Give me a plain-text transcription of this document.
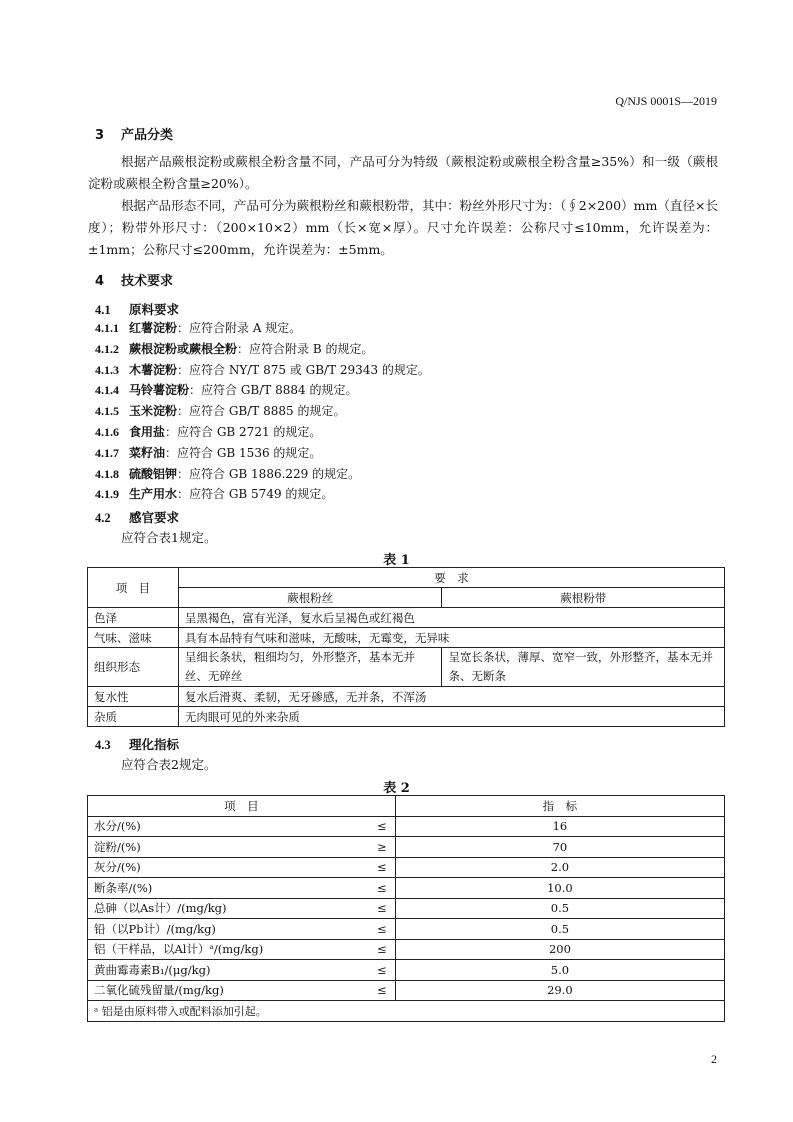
Q/NJS 0001S—2019
3 产品分类
根据产品蕨根淀粉或蕨根全粉含量不同，产品可分为特级（蕨根淀粉或蕨根全粉含量≥35%）和一级（蕨根淀粉或蕨根全粉含量≥20%）。
根据产品形态不同，产品可分为蕨根粉丝和蕨根粉带，其中：粉丝外形尺寸为：（∮2×200）mm（直径×长度）；粉带外形尺寸：（200×10×2）mm（长×宽×厚）。尺寸允许误差：公称尺寸≤10mm，允许误差为：±1mm；公称尺寸≤200mm，允许误差为：±5mm。
4 技术要求
4.1 原料要求
4.1.1 红薯淀粉：应符合附录 A 规定。
4.1.2 蕨根淀粉或蕨根全粉：应符合附录 B 的规定。
4.1.3 木薯淀粉：应符合 NY/T 875 或 GB/T 29343 的规定。
4.1.4 马铃薯淀粉：应符合 GB/T 8884 的规定。
4.1.5 玉米淀粉：应符合 GB/T 8885 的规定。
4.1.6 食用盐：应符合 GB 2721 的规定。
4.1.7 菜籽油：应符合 GB 1536 的规定。
4.1.8 硫酸铝钾：应符合 GB 1886.229 的规定。
4.1.9 生产用水：应符合 GB 5749 的规定。
4.2 感官要求
应符合表1规定。
表 1
项　目	要　求	
	蕨根粉丝	蕨根粉带
色泽	呈黑褐色，富有光泽，复水后呈褐色或红褐色	
气味、滋味	具有本品特有气味和滋味，无酸味，无霉变，无异味	
组织形态	呈细长条状，粗细均匀，外形整齐，基本无并丝、无碎丝	呈宽长条状，薄厚、宽窄一致，外形整齐，基本无并条、无断条
复水性	复水后滑爽、柔韧，无牙碜感，无并条，不浑汤	
杂质	无肉眼可见的外来杂质	
4.3 理化指标
应符合表2规定。
表 2
项　目		指　标
水分/(%)	≤	16
淀粉/(%)	≥	70
灰分/(%)	≤	2.0
断条率/(%)	≤	10.0
总砷（以As计）/(mg/kg)	≤	0.5
铅（以Pb计）/(mg/kg)	≤	0.5
铝（干样品，以Al计）ᵃ/(mg/kg)	≤	200
黄曲霉毒素B₁/(μg/kg)	≤	5.0
二氧化硫残留量/(mg/kg)	≤	29.0
ᵃ 铝是由原料带入或配料添加引起。		
2
